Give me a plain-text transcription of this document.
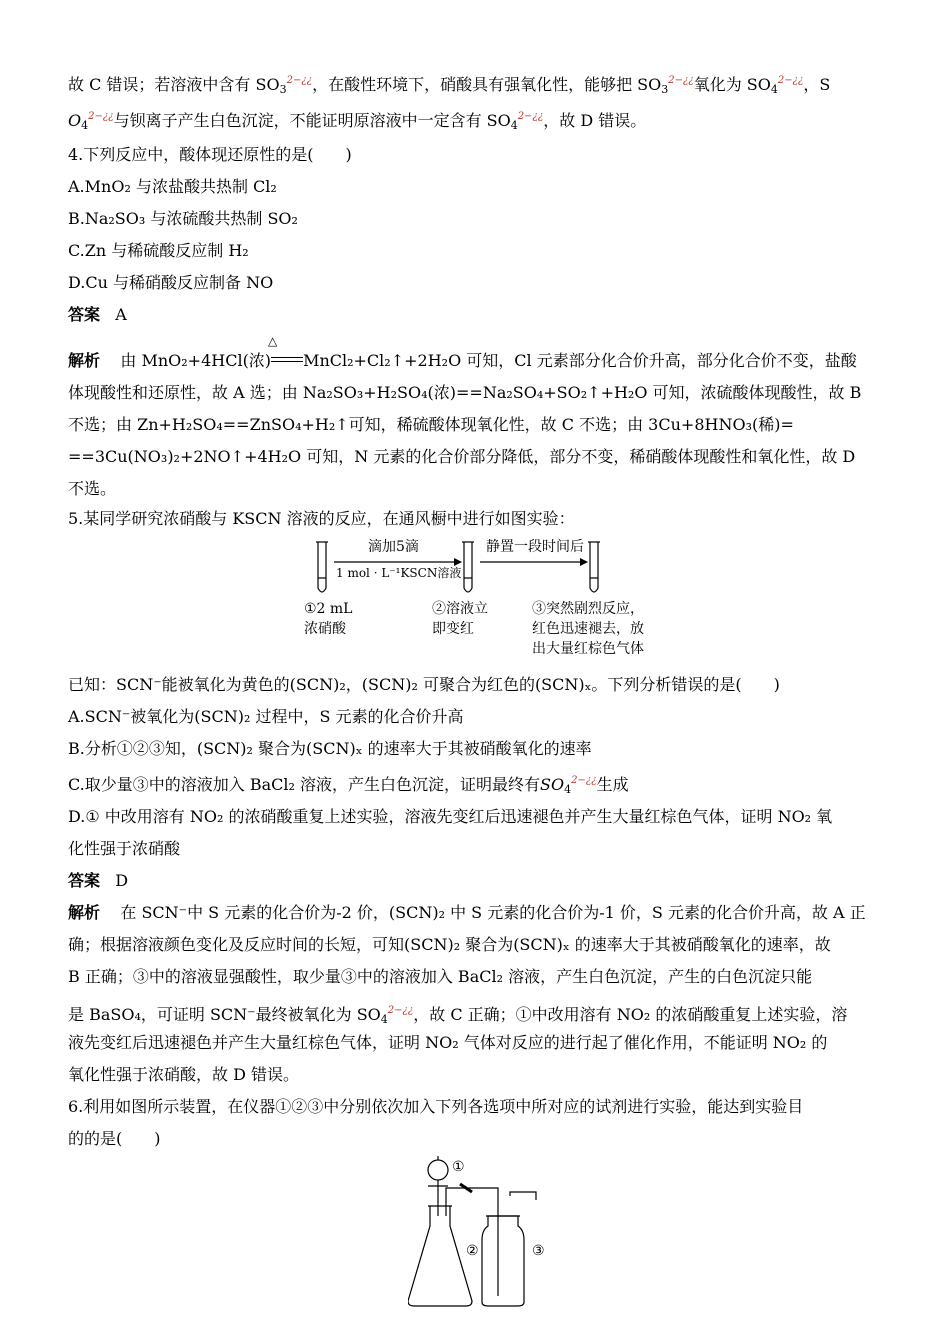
故 C 错误；若溶液中含有 $SO_3^{2-¿¿}$，在酸性环境下，硝酸具有强氧化性，能够把 $SO_3^{2-¿¿}$氧化为 $SO_4^{2-¿¿}$，S
$O_4^{2-¿¿}$与钡离子产生白色沉淀，不能证明原溶液中一定含有 $SO_4^{2-¿¿}$，故 D 错误。
4.下列反应中，酸体现还原性的是(　　)
A.MnO₂ 与浓盐酸共热制 Cl₂
B.Na₂SO₃ 与浓硫酸共热制 SO₂
C.Zn 与稀硫酸反应制 H₂
D.Cu 与稀硝酸反应制备 NO
答案 A
△
解析 由 MnO₂+4HCl(浓) MnCl₂+Cl₂↑+2H₂O 可知，Cl 元素部分化合价升高，部分化合价不变，盐酸
体现酸性和还原性，故 A 选；由 Na₂SO₃+H₂SO₄(浓)==Na₂SO₄+SO₂↑+H₂O 可知，浓硫酸体现酸性，故 B
不选；由 Zn+H₂SO₄==ZnSO₄+H₂↑可知，稀硫酸体现氧化性，故 C 不选；由 3Cu+8HNO₃(稀)=
==3Cu(NO₃)₂+2NO↑+4H₂O 可知，N 元素的化合价部分降低，部分不变，稀硝酸体现酸性和氧化性，故 D
不选。
5.某同学研究浓硝酸与 KSCN 溶液的反应，在通风橱中进行如图实验：
滴加5滴
1 mol · L⁻¹KSCN溶液
静置一段时间后
①2 mL
浓硝酸
②溶液立
即变红
③突然剧烈反应，
红色迅速褪去，放
出大量红棕色气体
已知：SCN⁻能被氧化为黄色的(SCN)₂，(SCN)₂ 可聚合为红色的(SCN)ₓ。下列分析错误的是(　　)
A.SCN⁻被氧化为(SCN)₂ 过程中，S 元素的化合价升高
B.分析①②③知，(SCN)₂ 聚合为(SCN)ₓ 的速率大于其被硝酸氧化的速率
C.取少量③中的溶液加入 BaCl₂ 溶液，产生白色沉淀，证明最终有$SO_4^{2-¿¿}$生成
D.① 中改用溶有 NO₂ 的浓硝酸重复上述实验，溶液先变红后迅速褪色并产生大量红棕色气体，证明 NO₂ 氧
化性强于浓硝酸
答案 D
解析 在 SCN⁻中 S 元素的化合价为-2 价，(SCN)₂ 中 S 元素的化合价为-1 价，S 元素的化合价升高，故 A 正
确；根据溶液颜色变化及反应时间的长短，可知(SCN)₂ 聚合为(SCN)ₓ 的速率大于其被硝酸氧化的速率，故
B 正确；③中的溶液显强酸性，取少量③中的溶液加入 BaCl₂ 溶液，产生白色沉淀，产生的白色沉淀只能
是 BaSO₄，可证明 SCN⁻最终被氧化为 $SO_4^{2-¿¿}$，故 C 正确；①中改用溶有 NO₂ 的浓硝酸重复上述实验，溶
液先变红后迅速褪色并产生大量红棕色气体，证明 NO₂ 气体对反应的进行起了催化作用，不能证明 NO₂ 的
氧化性强于浓硝酸，故 D 错误。
6.利用如图所示装置，在仪器①②③中分别依次加入下列各选项中所对应的试剂进行实验，能达到实验目
的的是(　　)
①
②	③
